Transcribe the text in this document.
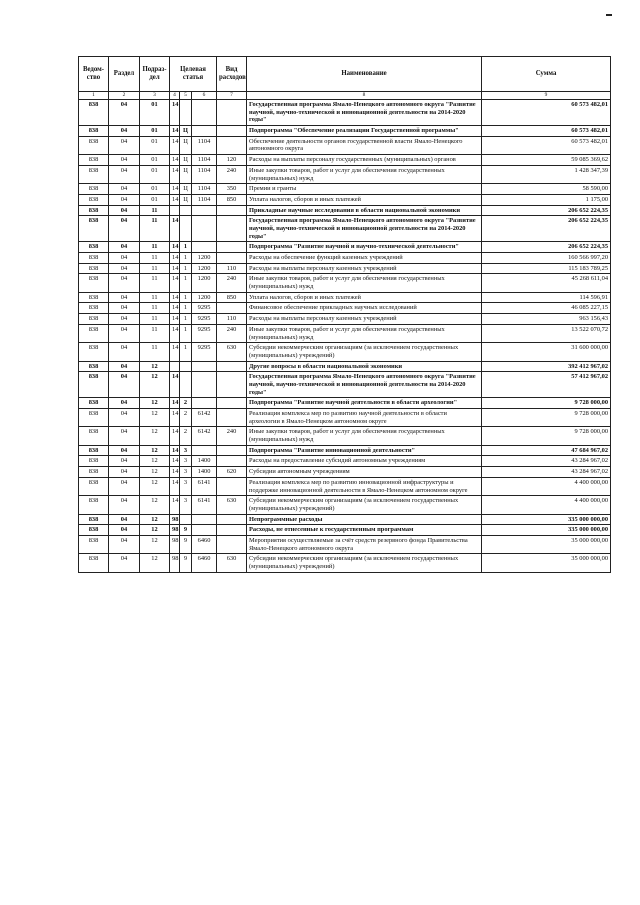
Ведом-ство	Раздел	Подраз-дел	Целевая статья			Вид расходов	Наименование	Сумма
1	2	3	4	5	6	7	8	9
838	04	01	14				Государственная программа Ямало-Ненецкого автономного округа "Развитие научной, научно-технической и инновационной деятельности на 2014-2020 годы"	60 573 482,01
838	04	01	14	Ц			Подпрограмма "Обеспечение реализации Государственной программы"	60 573 482,01
838	04	01	14	Ц	1104		Обеспечение деятельности органов государственной власти Ямало-Ненецкого автономного округа	60 573 482,01
838	04	01	14	Ц	1104	120	Расходы на выплаты персоналу государственных (муниципальных) органов	59 085 369,62
838	04	01	14	Ц	1104	240	Иные закупки товаров, работ и услуг для обеспечения государственных (муниципальных) нужд	1 428 347,39
838	04	01	14	Ц	1104	350	Премии и гранты	58 590,00
838	04	01	14	Ц	1104	850	Уплата налогов, сборов и иных платежей	1 175,00
838	04	11					Прикладные научные исследования в области национальной экономики	206 652 224,35
838	04	11	14				Государственная программа Ямало-Ненецкого автономного округа "Развитие научной, научно-технической и инновационной деятельности на 2014-2020 годы"	206 652 224,35
838	04	11	14	1			Подпрограмма "Развитие научной и научно-технической деятельности"	206 652 224,35
838	04	11	14	1	1200		Расходы на обеспечение функций казенных учреждений	160 566 997,20
838	04	11	14	1	1200	110	Расходы на выплаты персоналу казенных учреждений	115 183 789,25
838	04	11	14	1	1200	240	Иные закупки товаров, работ и услуг для обеспечения государственных (муниципальных) нужд	45 268 611,04
838	04	11	14	1	1200	850	Уплата налогов, сборов и иных платежей	114 596,91
838	04	11	14	1	9295		Финансовое обеспечение прикладных научных исследований	46 085 227,15
838	04	11	14	1	9295	110	Расходы на выплаты персоналу казенных учреждений	963 156,43
838	04	11	14	1	9295	240	Иные закупки товаров, работ и услуг для обеспечения государственных (муниципальных) нужд	13 522 070,72
838	04	11	14	1	9295	630	Субсидии некоммерческим организациям (за исключением государственных (муниципальных) учреждений)	31 600 000,00
838	04	12					Другие вопросы в области национальной экономики	392 412 967,02
838	04	12	14				Государственная программа Ямало-Ненецкого автономного округа "Развитие научной, научно-технической и инновационной деятельности на 2014-2020 годы"	57 412 967,02
838	04	12	14	2			Подпрограмма "Развитие научной деятельности в области археологии"	9 728 000,00
838	04	12	14	2	6142		Реализация комплекса мер по развитию научной деятельности в области археологии в Ямало-Ненецком автономном округе	9 728 000,00
838	04	12	14	2	6142	240	Иные закупки товаров, работ и услуг для обеспечения государственных (муниципальных) нужд	9 728 000,00
838	04	12	14	3			Подпрограмма "Развитие инновационной деятельности"	47 684 967,02
838	04	12	14	3	1400		Расходы на предоставление субсидий автономным учреждениям	43 284 967,02
838	04	12	14	3	1400	620	Субсидии автономным учреждениям	43 284 967,02
838	04	12	14	3	6141		Реализация комплекса мер по развитию инновационной инфраструктуры и поддержке инновационной деятельности в Ямало-Ненецком автономном округе	4 400 000,00
838	04	12	14	3	6141	630	Субсидии некоммерческим организациям (за исключением государственных (муниципальных) учреждений)	4 400 000,00
838	04	12	98				Непрограммные расходы	335 000 000,00
838	04	12	98	9			Расходы, не отнесенные к государственным программам	335 000 000,00
838	04	12	98	9	6460		Мероприятия осуществляемые за счёт средств резервного фонда Правительства Ямало-Ненецкого автономного округа	35 000 000,00
838	04	12	98	9	6460	630	Субсидии некоммерческим организациям (за исключением государственных (муниципальных) учреждений)	35 000 000,00
